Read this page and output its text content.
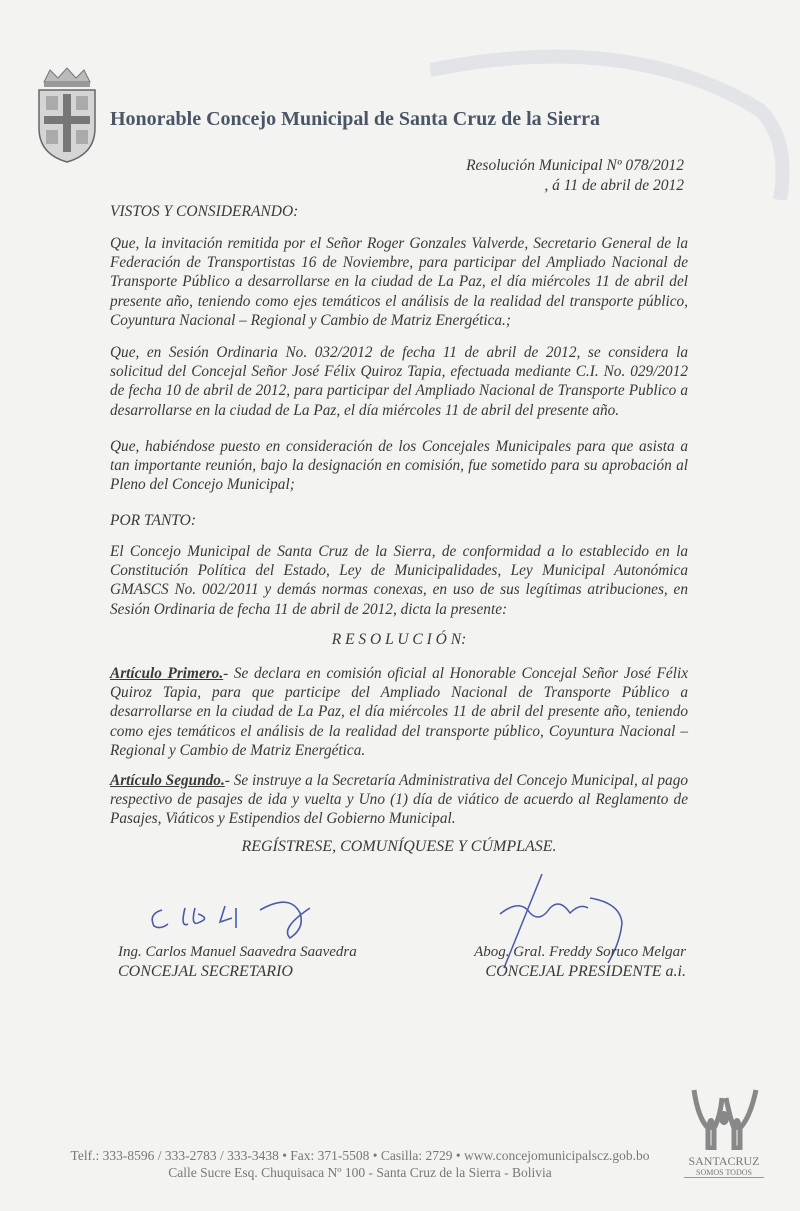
Honorable Concejo Municipal de Santa Cruz de la Sierra
Resolución Municipal Nº 078/2012
, á 11 de abril de 2012
VISTOS Y CONSIDERANDO:
Que, la invitación remitida por el Señor Roger Gonzales Valverde, Secretario General de la Federación de Transportistas 16 de Noviembre, para participar del Ampliado Nacional de Transporte Público a desarrollarse en la ciudad de La Paz, el día miércoles 11 de abril del presente año, teniendo como ejes temáticos el análisis de la realidad del transporte público, Coyuntura Nacional – Regional y Cambio de Matriz Energética.;
Que, en Sesión Ordinaria No. 032/2012 de fecha 11 de abril de 2012, se considera la solicitud del Concejal Señor José Félix Quiroz Tapia, efectuada mediante C.I. No. 029/2012 de fecha 10 de abril de 2012, para participar del Ampliado Nacional de Transporte Publico a desarrollarse en la ciudad de La Paz, el día miércoles 11 de abril del presente año.
Que, habiéndose puesto en consideración de los Concejales Municipales para que asista a tan importante reunión, bajo la designación en comisión, fue sometido para su aprobación al Pleno del Concejo Municipal;
POR TANTO:
El Concejo Municipal de Santa Cruz de la Sierra, de conformidad a lo establecido en la Constitución Política del Estado, Ley de Municipalidades, Ley Municipal Autonómica GMASCS No. 002/2011 y demás normas conexas, en uso de sus legítimas atribuciones, en Sesión Ordinaria de fecha 11 de abril de 2012, dicta la presente:
R E S O L U C I Ó N:
Artículo Primero.- Se declara en comisión oficial al Honorable Concejal Señor José Félix Quiroz Tapia, para que participe del Ampliado Nacional de Transporte Público a desarrollarse en la ciudad de La Paz, el día miércoles 11 de abril del presente año, teniendo como ejes temáticos el análisis de la realidad del transporte público, Coyuntura Nacional – Regional y Cambio de Matriz Energética.
Artículo Segundo.- Se instruye a la Secretaría Administrativa del Concejo Municipal, al pago respectivo de pasajes de ida y vuelta y Uno (1) día de viático de acuerdo al Reglamento de Pasajes, Viáticos y Estipendios del Gobierno Municipal.
REGÍSTRESE, COMUNÍQUESE Y CÚMPLASE.
Ing. Carlos Manuel Saavedra Saavedra
CONCEJAL SECRETARIO
Abog. Gral. Freddy Soruco Melgar
CONCEJAL PRESIDENTE a.i.
Telf.: 333-8596 / 333-2783 / 333-3438 • Fax: 371-5508 • Casilla: 2729 • www.concejomunicipalscz.gob.bo
Calle Sucre Esq. Chuquisaca Nº 100 - Santa Cruz de la Sierra - Bolivia
SANTACRUZ
SOMOS TODOS
